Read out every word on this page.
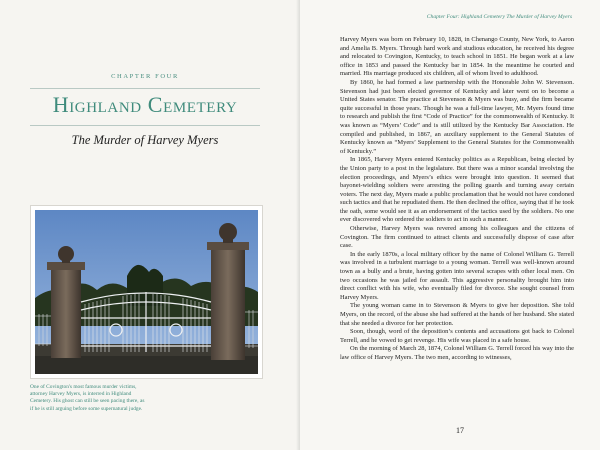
CHAPTER FOUR
Highland Cemetery
The Murder of Harvey Myers
One of Covington's most famous murder victims, attorney Harvey Myers, is interred in Highland Cemetery. His ghost can still be seen pacing there, as if he is still arguing before some supernatural judge.
Chapter Four: Highland Cemetery The Murder of Harvey Myers

Harvey Myers was born on February 10, 1828, in Chenango County, New York, to Aaron and Amelia B. Myers. Through hard work and studious education, he received his degree and relocated to Covington, Kentucky, to teach school in 1851. He began work at a law office in 1853 and passed the Kentucky bar in 1854. In the meantime he courted and married. His marriage produced six children, all of whom lived to adulthood.

By 1860, he had formed a law partnership with the Honorable John W. Stevenson. Stevenson had just been elected governor of Kentucky and later went on to become a United States senator. The practice at Stevenson & Myers was busy, and the firm became quite successful in those years. Though he was a full-time lawyer, Mr. Myers found time to research and publish the first “Code of Practice” for the commonwealth of Kentucky. It was known as “Myers’ Code” and is still utilized by the Kentucky Bar Association. He compiled and published, in 1867, an auxiliary supplement to the General Statutes of Kentucky known as “Myers’ Supplement to the General Statutes for the Commonwealth of Kentucky.”

In 1865, Harvey Myers entered Kentucky politics as a Republican, being elected by the Union party to a post in the legislature. But there was a minor scandal involving the election proceedings, and Myers’s ethics were brought into question. It seemed that bayonet-wielding soldiers were arresting the polling guards and turning away certain voters. The next day, Myers made a public proclamation that he would not have condoned such tactics and that he repudiated them. He then declined the office, saying that if he took the oath, some would see it as an endorsement of the tactics used by the soldiers. No one ever discovered who ordered the soldiers to act in such a manner.

Otherwise, Harvey Myers was revered among his colleagues and the citizens of Covington. The firm continued to attract clients and successfully dispose of case after case.

In the early 1870s, a local military officer by the name of Colonel William G. Terrell was involved in a turbulent marriage to a young woman. Terrell was well-known around town as a bully and a brute, having gotten into several scrapes with other local men. On two occasions he was jailed for assault. This aggressive personality brought him into direct conflict with his wife, who eventually filed for divorce. She sought counsel from Harvey Myers.

The young woman came in to Stevenson & Myers to give her deposition. She told Myers, on the record, of the abuse she had suffered at the hands of her husband. She stated that she needed a divorce for her protection.

Soon, though, word of the deposition’s contents and accusations got back to Colonel Terrell, and he vowed to get revenge. His wife was placed in a safe house.

On the morning of March 28, 1874, Colonel William G. Terrell forced his way into the law office of Harvey Myers. The two men, according to witnesses,

17
